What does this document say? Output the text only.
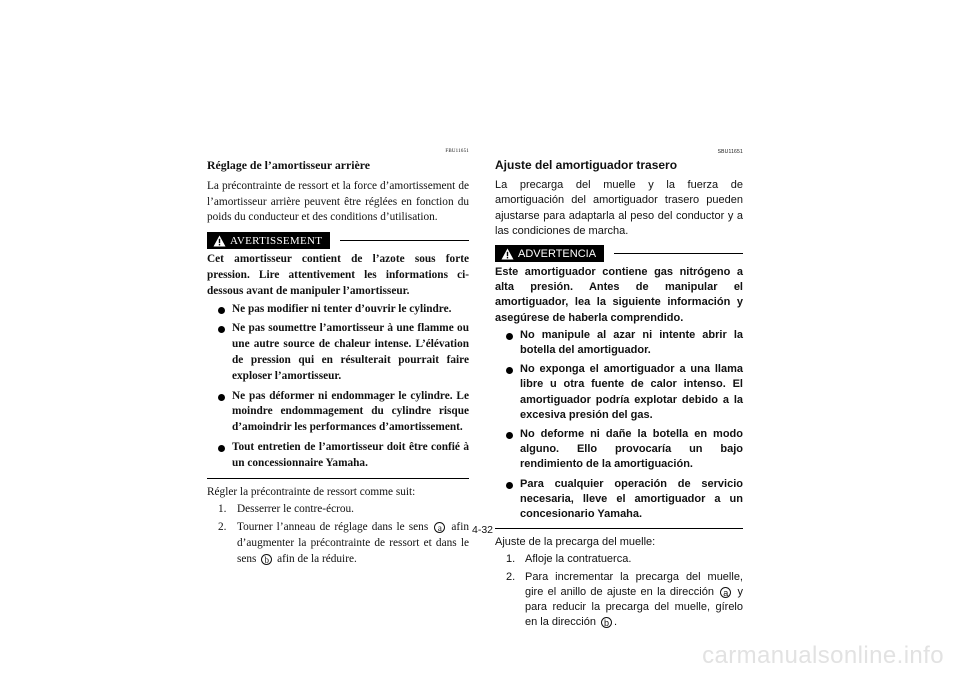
FBU11651
Réglage de l’amortisseur arrière

La précontrainte de ressort et la force d’amortissement de l’amortisseur arrière peuvent être réglées en fonction du poids du conducteur et des conditions d’utilisation.

AVERTISSEMENT

Cet amortisseur contient de l’azote sous forte pression. Lire attentivement les informations ci-dessous avant de manipuler l’amortisseur.

Ne pas modifier ni tenter d’ouvrir le cylindre.
Ne pas soumettre l’amortisseur à une flamme ou une autre source de chaleur intense. L’élévation de pression qui en résulterait pourrait faire exploser l’amortisseur.
Ne pas déformer ni endommager le cylindre. Le moindre endommagement du cylindre risque d’amoindrir les performances d’amortissement.
Tout entretien de l’amortisseur doit être confié à un concessionnaire Yamaha.

Régler la précontrainte de ressort comme suit:

1. Desserrer le contre-écrou.
2. Tourner l’anneau de réglage dans le sens a afin d’augmenter la précontrainte de ressort et dans le sens b afin de la réduire.
SBU11651
Ajuste del amortiguador trasero

La precarga del muelle y la fuerza de amortiguación del amortiguador trasero pueden ajustarse para adaptarla al peso del conductor y a las condiciones de marcha.

ADVERTENCIA

Este amortiguador contiene gas nitrógeno a alta presión. Antes de manipular el amortiguador, lea la siguiente información y asegúrese de haberla comprendido.

No manipule al azar ni intente abrir la botella del amortiguador.
No exponga el amortiguador a una llama libre u otra fuente de calor intenso. El amortiguador podría explotar debido a la excesiva presión del gas.
No deforme ni dañe la botella en modo alguno. Ello provocaría un bajo rendimiento de la amortiguación.
Para cualquier operación de servicio necesaria, lleve el amortiguador a un concesionario Yamaha.

Ajuste de la precarga del muelle:

1. Afloje la contratuerca.
2. Para incrementar la precarga del muelle, gire el anillo de ajuste en la dirección a y para reducir la precarga del muelle, gírelo en la dirección b .
4-32
carmanualsonline.info
